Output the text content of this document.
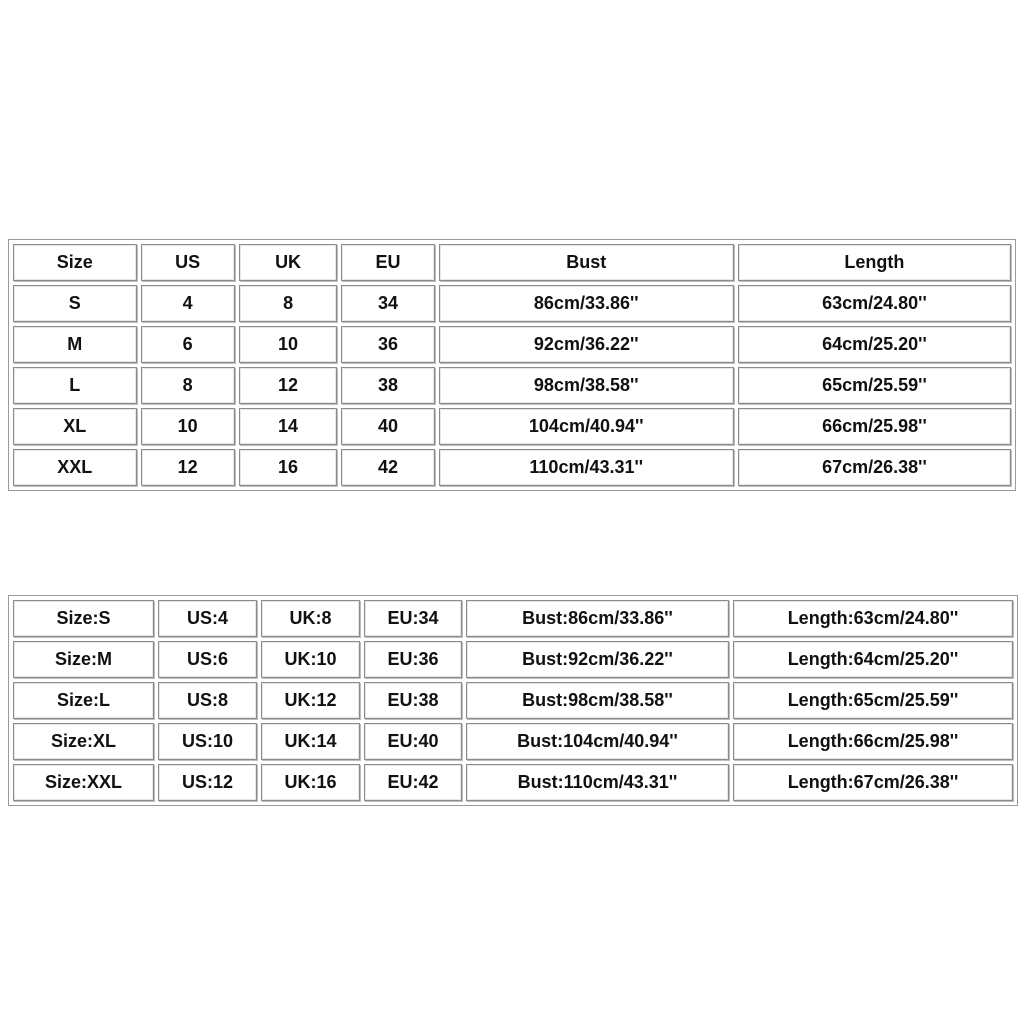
Size	US	UK	EU	Bust	Length
S	4	8	34	86cm/33.86''	63cm/24.80''
M	6	10	36	92cm/36.22''	64cm/25.20''
L	8	12	38	98cm/38.58''	65cm/25.59''
XL	10	14	40	104cm/40.94''	66cm/25.98''
XXL	12	16	42	110cm/43.31''	67cm/26.38''
Size:S	US:4	UK:8	EU:34	Bust:86cm/33.86''	Length:63cm/24.80''
Size:M	US:6	UK:10	EU:36	Bust:92cm/36.22''	Length:64cm/25.20''
Size:L	US:8	UK:12	EU:38	Bust:98cm/38.58''	Length:65cm/25.59''
Size:XL	US:10	UK:14	EU:40	Bust:104cm/40.94''	Length:66cm/25.98''
Size:XXL	US:12	UK:16	EU:42	Bust:110cm/43.31''	Length:67cm/26.38''
